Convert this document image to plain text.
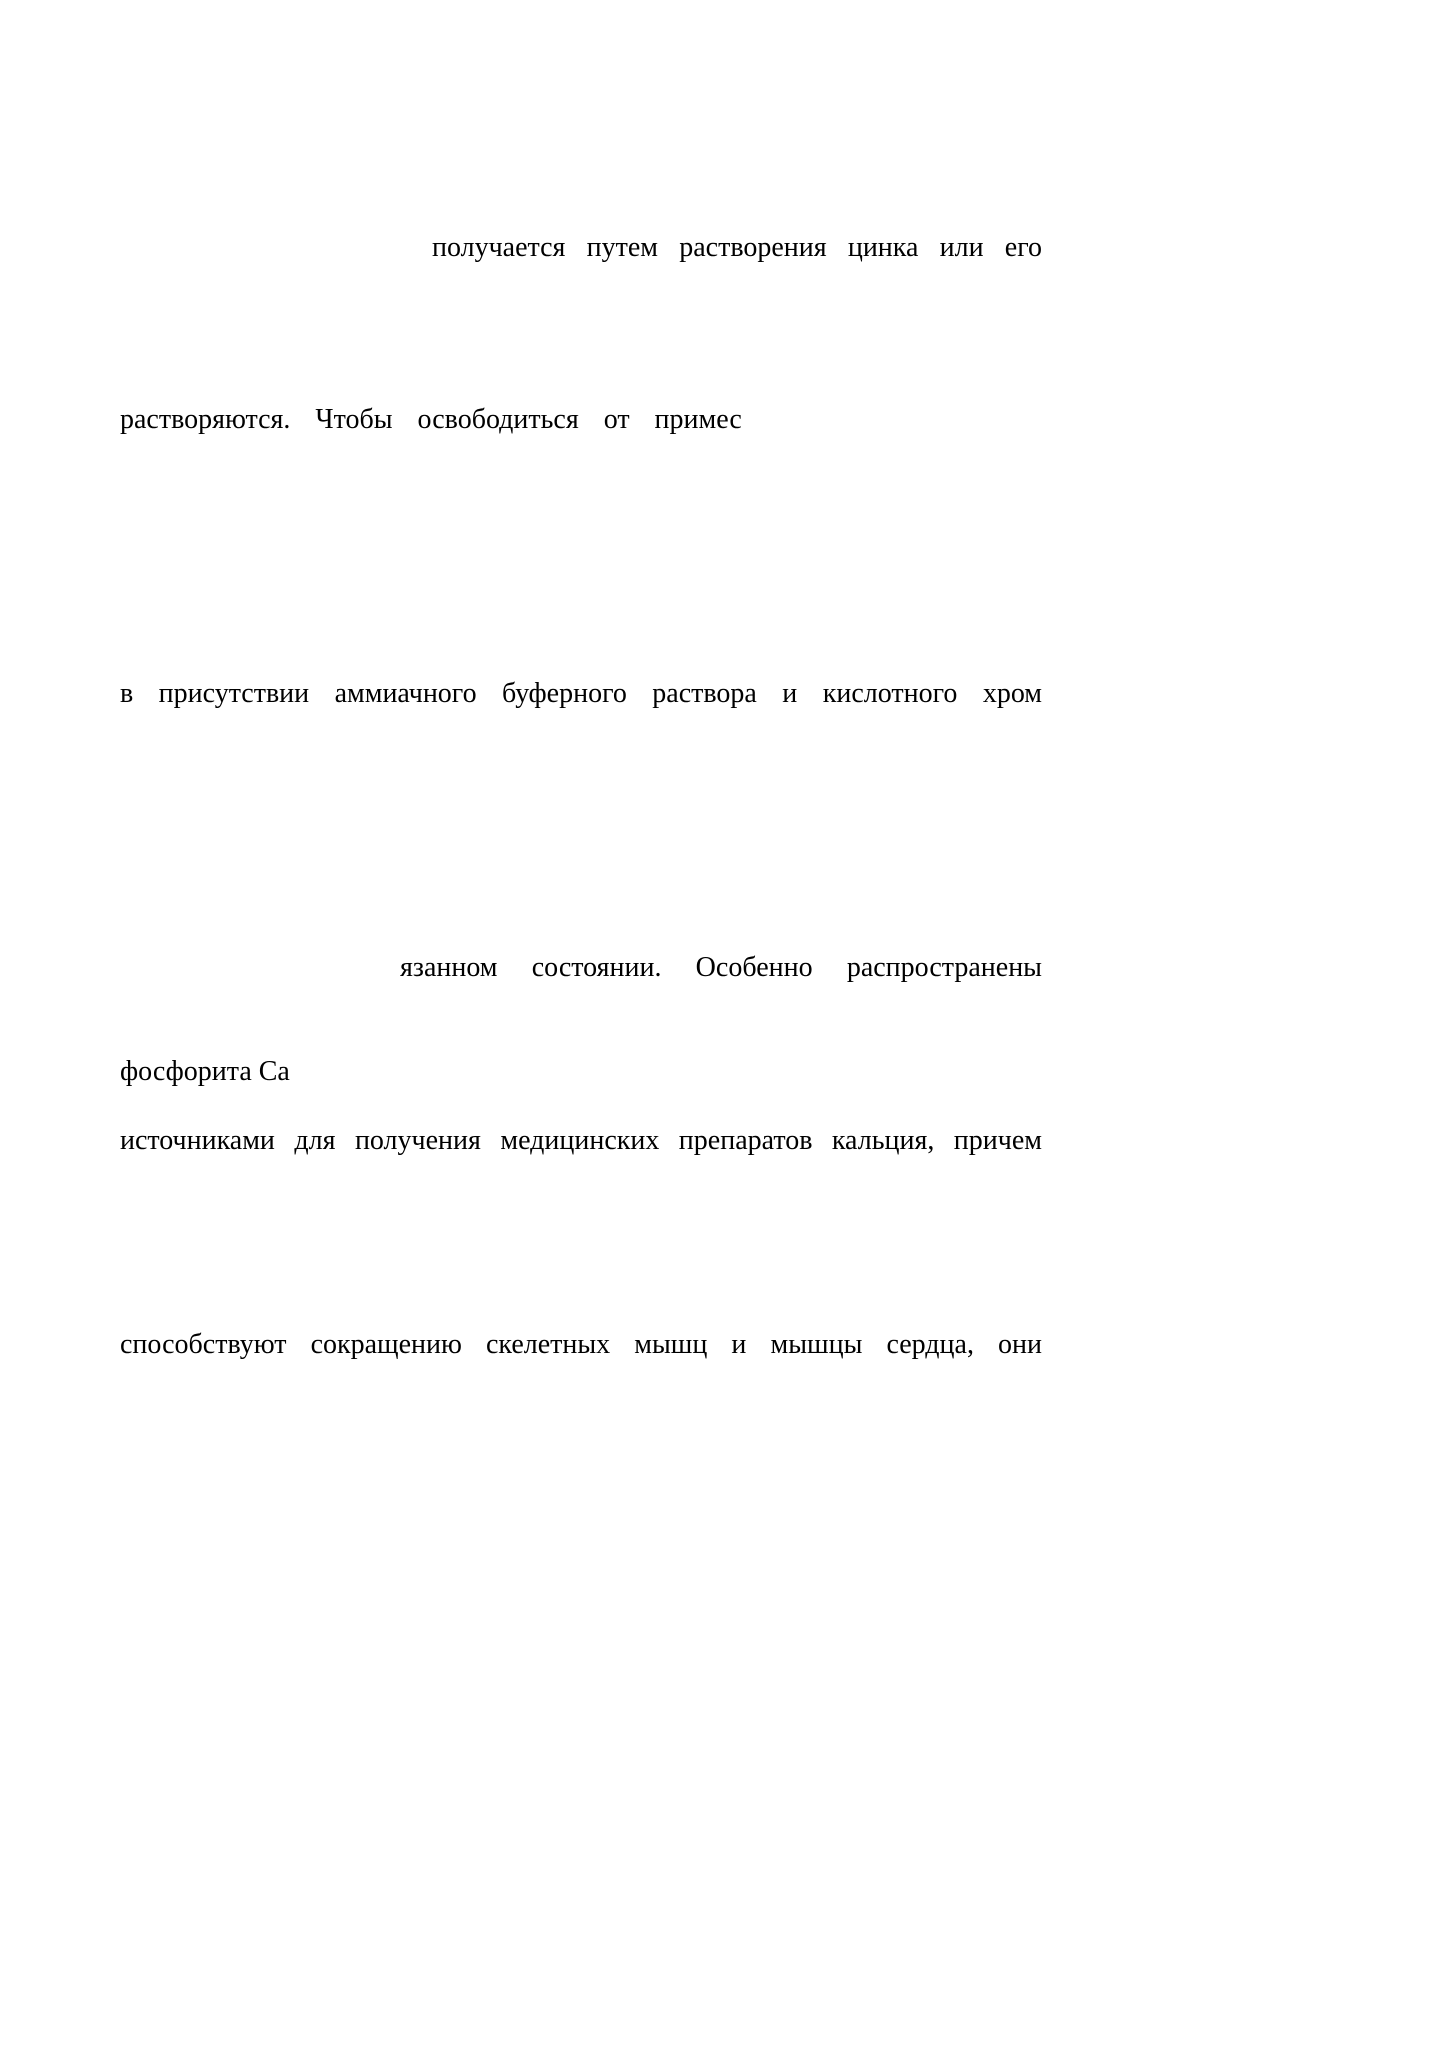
получается путем растворения цинка или его
растворяются. Чтобы освободиться от примес
в присутствии аммиачного буферного раствора и кислотного хром
язанном состоянии. Особенно распространены
фосфорита Ca
источниками для получения медицинских препаратов кальция, причем
способствуют сокращению скелетных мышц и мышцы сердца, они
